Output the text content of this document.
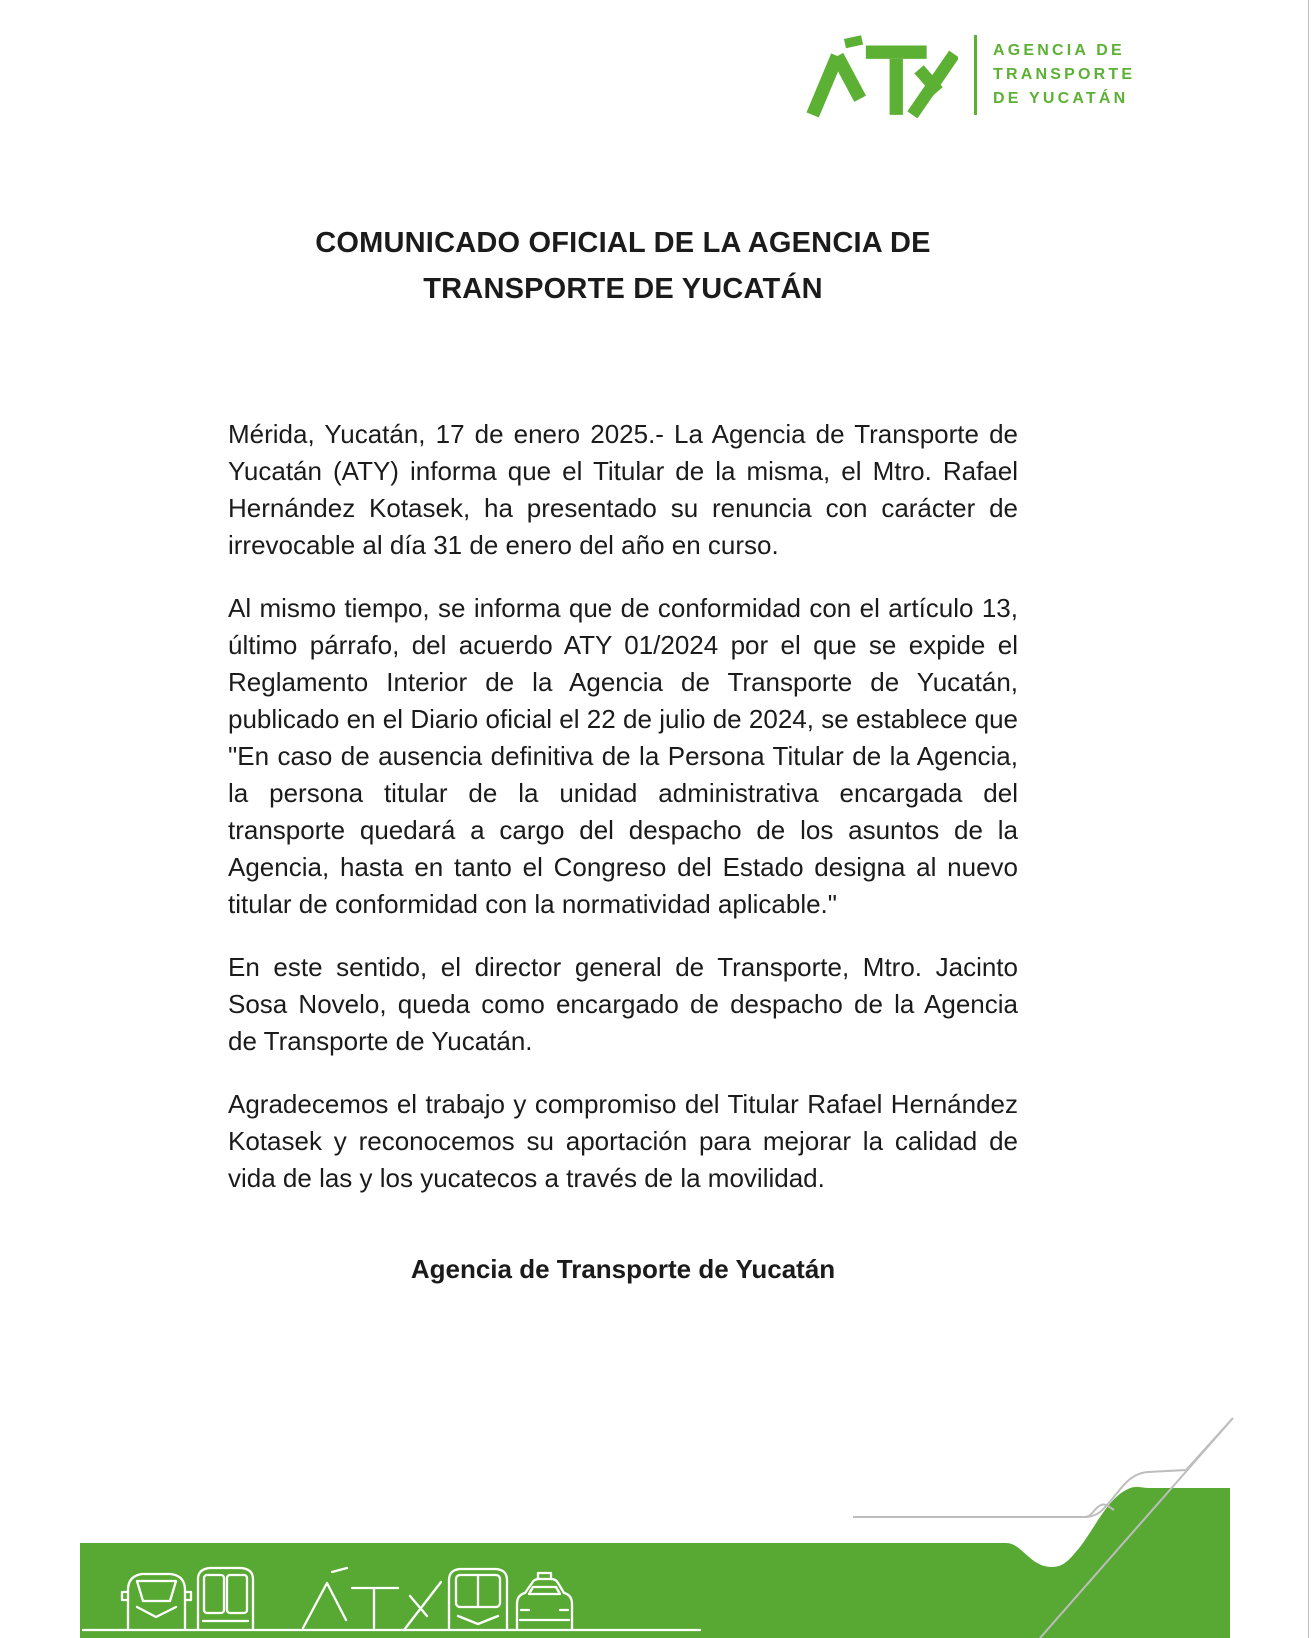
AGENCIA DE
TRANSPORTE
DE YUCATÁN
COMUNICADO OFICIAL DE LA AGENCIA DE
TRANSPORTE DE YUCATÁN

Mérida, Yucatán, 17 de enero 2025.- La Agencia de Transporte de Yucatán (ATY) informa que el Titular de la misma, el Mtro. Rafael Hernández Kotasek, ha presentado su renuncia con carácter de irrevocable al día 31 de enero del año en curso.

Al mismo tiempo, se informa que de conformidad con el artículo 13, último párrafo, del acuerdo ATY 01/2024 por el que se expide el Reglamento Interior de la Agencia de Transporte de Yucatán, publicado en el Diario oficial el 22 de julio de 2024, se establece que "En caso de ausencia definitiva de la Persona Titular de la Agencia, la persona titular de la unidad administrativa encargada del transporte quedará a cargo del despacho de los asuntos de la Agencia, hasta en tanto el Congreso del Estado designa al nuevo titular de conformidad con la normatividad aplicable."

En este sentido, el director general de Transporte, Mtro. Jacinto Sosa Novelo, queda como encargado de despacho de la Agencia de Transporte de Yucatán.

Agradecemos el trabajo y compromiso del Titular Rafael Hernández Kotasek y reconocemos su aportación para mejorar la calidad de vida de las y los yucatecos a través de la movilidad.

Agencia de Transporte de Yucatán
